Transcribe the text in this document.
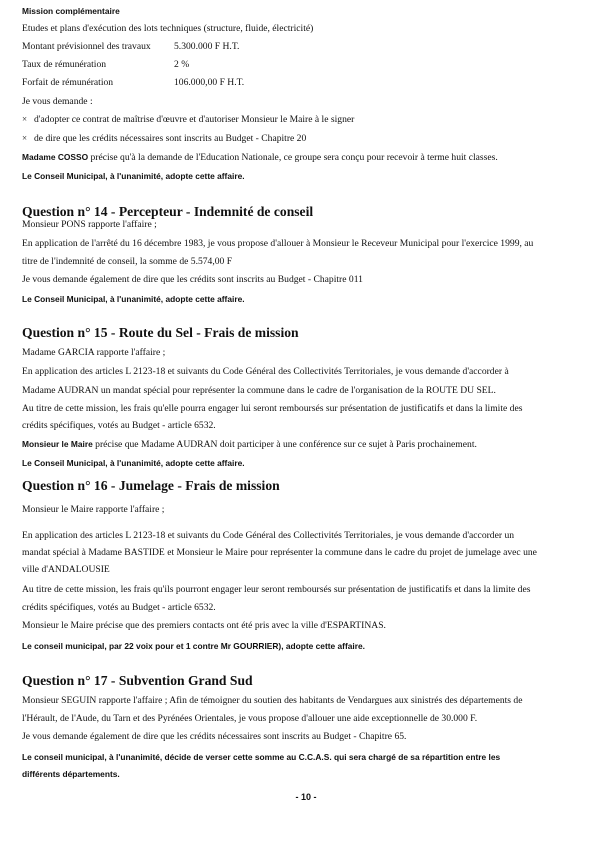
Mission complémentaire
Etudes et plans d'exécution des lots techniques (structure, fluide, électricité)
Montant prévisionnel des travaux 5.300.000 F H.T.
Taux de rémunération	2 %
Forfait de rémunération	106.000,00 F H.T.
Je vous demande :
× d'adopter ce contrat de maîtrise d'œuvre et d'autoriser Monsieur le Maire à le signer
× de dire que les crédits nécessaires sont inscrits au Budget - Chapitre 20
Madame COSSO précise qu'à la demande de l'Education Nationale, ce groupe sera conçu pour recevoir à terme huit classes.
Le Conseil Municipal, à l'unanimité, adopte cette affaire.
Question n° 14 - Percepteur - Indemnité de conseil
Monsieur PONS rapporte l'affaire ;
En application de l'arrêté du 16 décembre 1983, je vous propose d'allouer à Monsieur le Receveur Municipal pour l'exercice 1999, au
titre de l'indemnité de conseil, la somme de 5.574,00 F
Je vous demande également de dire que les crédits sont inscrits au Budget - Chapitre 011
Le Conseil Municipal, à l'unanimité, adopte cette affaire.
Question n° 15 - Route du Sel - Frais de mission
Madame GARCIA rapporte l'affaire ;
En application des articles L 2123-18 et suivants du Code Général des Collectivités Territoriales, je vous demande d'accorder à
Madame AUDRAN un mandat spécial pour représenter la commune dans le cadre de l'organisation de la ROUTE DU SEL.
Au titre de cette mission, les frais qu'elle pourra engager lui seront remboursés sur présentation de justificatifs et dans la limite des
crédits spécifiques, votés au Budget - article 6532.
Monsieur le Maire précise que Madame AUDRAN doit participer à une conférence sur ce sujet à Paris prochainement.
Le Conseil Municipal, à l'unanimité, adopte cette affaire.
Question n° 16 - Jumelage - Frais de mission
Monsieur le Maire rapporte l'affaire ;
En application des articles L 2123-18 et suivants du Code Général des Collectivités Territoriales, je vous demande d'accorder un
mandat spécial à Madame BASTIDE et Monsieur le Maire pour représenter la commune dans le cadre du projet de jumelage avec une
ville d'ANDALOUSIE
Au titre de cette mission, les frais qu'ils pourront engager leur seront remboursés sur présentation de justificatifs et dans la limite des
crédits spécifiques, votés au Budget - article 6532.
Monsieur le Maire précise que des premiers contacts ont été pris avec la ville d'ESPARTINAS.
Le conseil municipal, par 22 voix pour et 1 contre Mr GOURRIER), adopte cette affaire.
Question n° 17 - Subvention Grand Sud
Monsieur SEGUIN rapporte l'affaire ; Afin de témoigner du soutien des habitants de Vendargues aux sinistrés des départements de
l'Hérault, de l'Aude, du Tarn et des Pyrénées Orientales, je vous propose d'allouer une aide exceptionnelle de 30.000 F.
Je vous demande également de dire que les crédits nécessaires sont inscrits au Budget - Chapitre 65.
Le conseil municipal, à l'unanimité, décide de verser cette somme au C.C.A.S. qui sera chargé de sa répartition entre les
différents départements.
- 10 -
